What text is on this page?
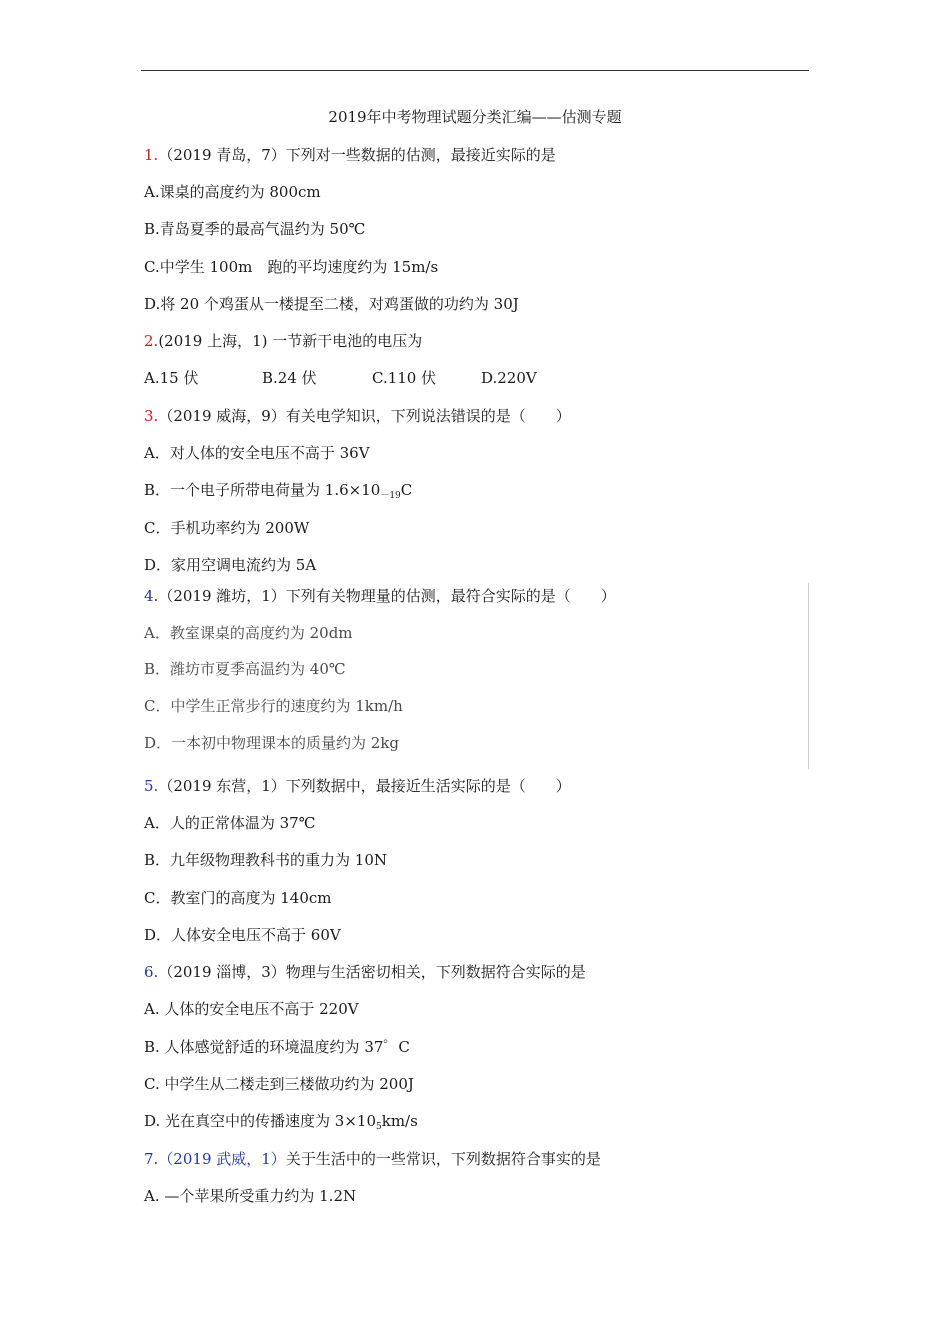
2019年中考物理试题分类汇编——估测专题
1.（2019 青岛，7）下列对一些数据的估测，最接近实际的是
A.课桌的高度约为 800cm
B.青岛夏季的最高气温约为 50℃
C.中学生 100m　跑的平均速度约为 15m/s
D.将 20 个鸡蛋从一楼提至二楼，对鸡蛋做的功约为 30J
2.(2019 上海，1) 一节新干电池的电压为
A.15 伏	B.24 伏	C.110 伏	D.220V
3.（2019 威海，9）有关电学知识，下列说法错误的是（　　）
A．对人体的安全电压不高于 36V
B．一个电子所带电荷量为 $1.6\times 10_{-19}C$
C．手机功率约为 200W
D．家用空调电流约为 5A
4.（2019 潍坊，1）下列有关物理量的估测，最符合实际的是（　　）
A．教室课桌的高度约为 20dm
B．潍坊市夏季高温约为 40℃
C．中学生正常步行的速度约为 1km/h
D．一本初中物理课本的质量约为 2kg
5.（2019 东营，1）下列数据中，最接近生活实际的是（　　）
A．人的正常体温为 37℃
B．九年级物理教科书的重力为 10N
C．教室门的高度为 140cm
D．人体安全电压不高于 60V
6.（2019 淄博，3）物理与生活密切相关，下列数据符合实际的是
A. 人体的安全电压不高于 220V
B. 人体感觉舒适的环境温度约为 37゜C
C. 中学生从二楼走到三楼做功约为 200J
D. 光在真空中的传播速度为 $3\times 10_5km/s$
7.（2019 武威，1）关于生活中的一些常识，下列数据符合事实的是
A. —个苹果所受重力约为 1.2N
